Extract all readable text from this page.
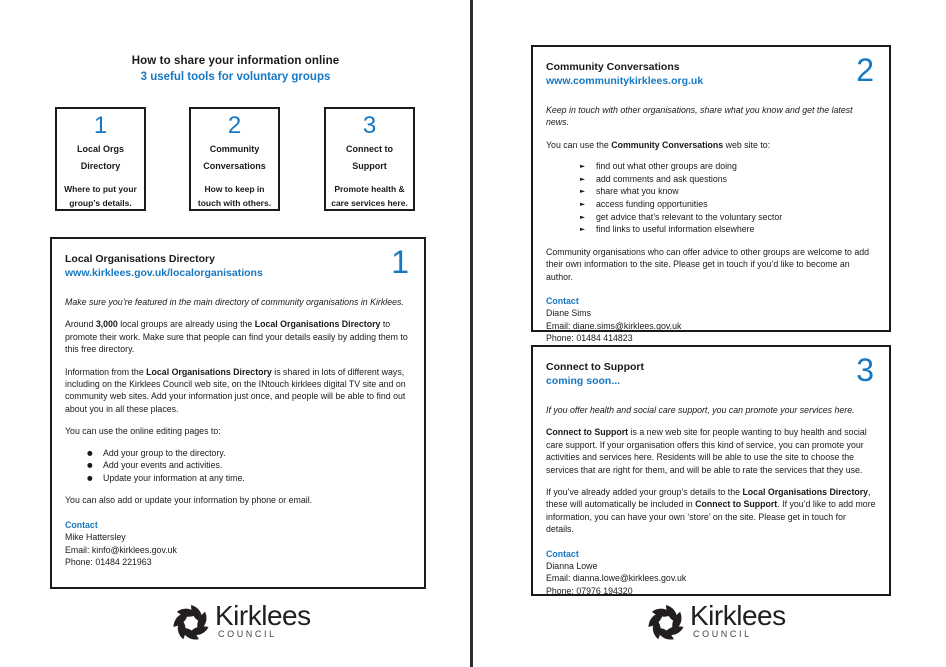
How to share your information online
3 useful tools for voluntary groups
1
Local Orgs
Directory
Where to put your
group’s details.
2
Community
Conversations
How to keep in
touch with others.
3
Connect to
Support
Promote health &
care services here.
1
Local Organisations Directory
www.kirklees.gov.uk/localorganisations
Make sure you’re featured in the main directory of community organisations in Kirklees.
Around 3,000 local groups are already using the Local Organisations Directory to promote their work. Make sure that people can find your details easily by adding them to this free directory.
Information from the Local Organisations Directory is shared in lots of different ways, including on the Kirklees Council web site, on the INtouch kirklees digital TV site and on community web sites. Add your information just once, and people will be able to find out about you in all these places.
You can use the online editing pages to:
● Add your group to the directory.
● Add your events and activities.
● Update your information at any time.
You can also add or update your information by phone or email.
Contact
Mike Hattersley
Email: kinfo@kirklees.gov.uk
Phone: 01484 221963
2
Community Conversations
www.communitykirklees.org.uk
Keep in touch with other organisations, share what you know and get the latest news.
You can use the Community Conversations web site to:
► find out what other groups are doing
► add comments and ask questions
► share what you know
► access funding opportunities
► get advice that’s relevant to the voluntary sector
► find links to useful information elsewhere
Community organisations who can offer advice to other groups are welcome to add their own information to the site. Please get in touch if you’d like to become an author.
Contact
Diane Sims
Email: diane.sims@kirklees.gov.uk
Phone: 01484 414823
3
Connect to Support
coming soon...
If you offer health and social care support, you can promote your services here.
Connect to Support is a new web site for people wanting to buy health and social care support. If your organisation offers this kind of service, you can promote your activities and services here. Residents will be able to use the site to choose the services that are right for them, and will be able to rate the services that they use.
If you’ve already added your group’s details to the Local Organisations Directory, these will automatically be included in Connect to Support. If you’d like to add more information, you can have your own ‘store’ on the site. Please get in touch for details.
Contact
Dianna Lowe
Email: dianna.lowe@kirklees.gov.uk
Phone: 07976 194320
Kirklees
COUNCIL
Kirklees
COUNCIL
